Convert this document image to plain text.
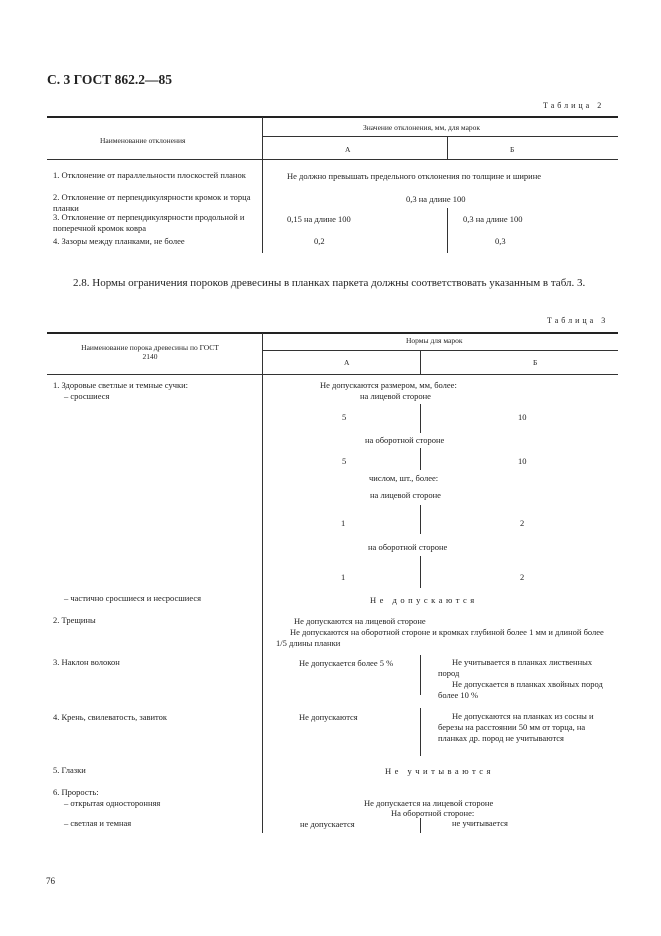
С. 3 ГОСТ 862.2—85
Таблица 2
Наименование отклонения
Значение отклонения, мм, для марок
А	Б
1. Отклонение от параллельности плоскостей планок	Не должно превышать предельного отклонения по толщине и ширине
2. Отклонение от перпендикулярности кромок и торца планки
0,3 на длине 100
3. Отклонение от перпендикулярности продольной и поперечной кромок ковра
0,15 на длине 100	0,3 на длине 100
4. Зазоры между планками, не более	0,2	0,3
2.8. Нормы ограничения пороков древесины в планках паркета должны соответствовать указанным в табл. 3.
Таблица 3
Наименование порока древесины по ГОСТ 2140
Нормы для марок
А	Б
1. Здоровые светлые и темные сучки:
– сросшиеся
Не допускаются размером, мм, более:
на лицевой стороне
5	10
на оборотной стороне
5	10
числом, шт., более:
на лицевой стороне
1	2
на оборотной стороне
1	2
– частично сросшиеся и несросшиеся	Не допускаются
2. Трещины	Не допускаются на лицевой стороне
Не допускаются на оборотной стороне и кромках глубиной более 1 мм и длиной более 1/5 длины планки
3. Наклон волокон	Не допускается более 5 %	Не учитывается в планках лиственных пород
Не допускается в планках хвойных пород более 10 %
4. Крень, свилеватость, завиток	Не допускаются	Не допускаются на планках из сосны и березы на расстоянии 50 мм от торца, на планках др. пород не учитываются
5. Глазки	Не учитываются
6. Прорость:
– открытая односторонняя	Не допускается на лицевой стороне
На оборотной стороне:
– светлая и темная	не допускается	не учитывается
76
